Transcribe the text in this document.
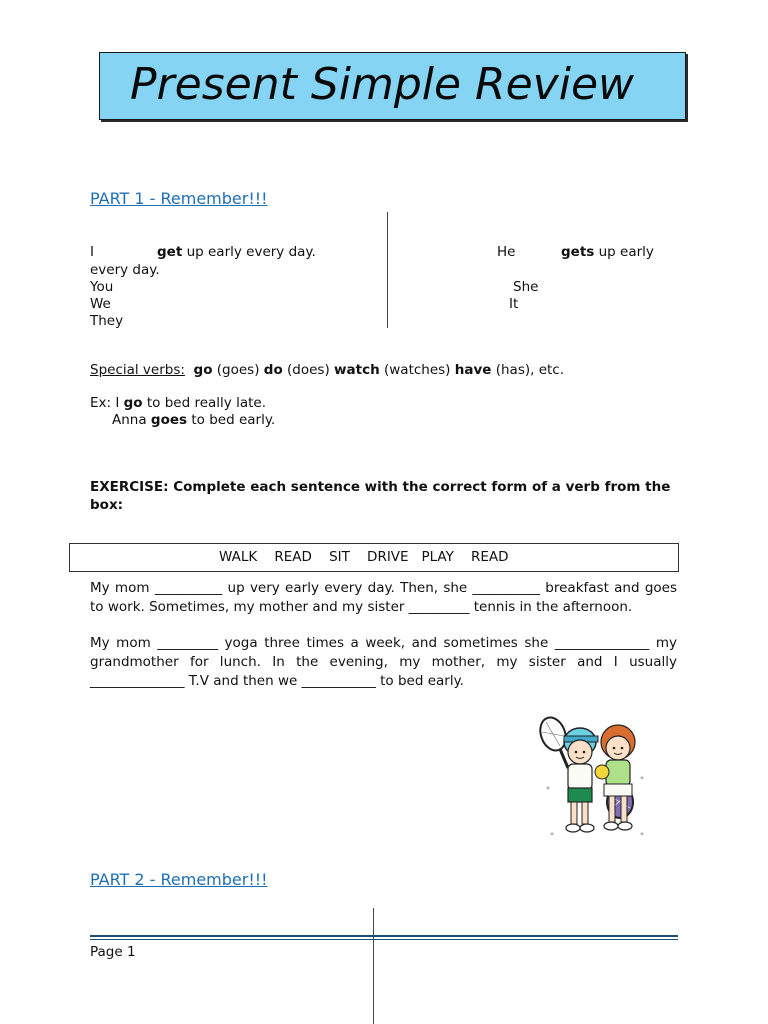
Present Simple Review
PART 1 - Remember!!!
I	get up early every day.
every day.
You
We
They
He	gets up early
She
It
Special verbs: go (goes) do (does) watch (watches) have (has), etc.
Ex: I go to bed really late.
Anna goes to bed early.
EXERCISE: Complete each sentence with the correct form of a verb from the box:
WALK    READ    SIT    DRIVE   PLAY    READ
My mom __________ up very early every day. Then, she __________ breakfast and goes to work. Sometimes, my mother and my sister _________ tennis in the afternoon.
My mom _________ yoga three times a week, and sometimes she ______________ my grandmother for lunch. In the evening, my mother, my sister and I usually ______________ T.V and then we ___________ to bed early.
*
*
*	*
PART 2 - Remember!!!
Page 1
